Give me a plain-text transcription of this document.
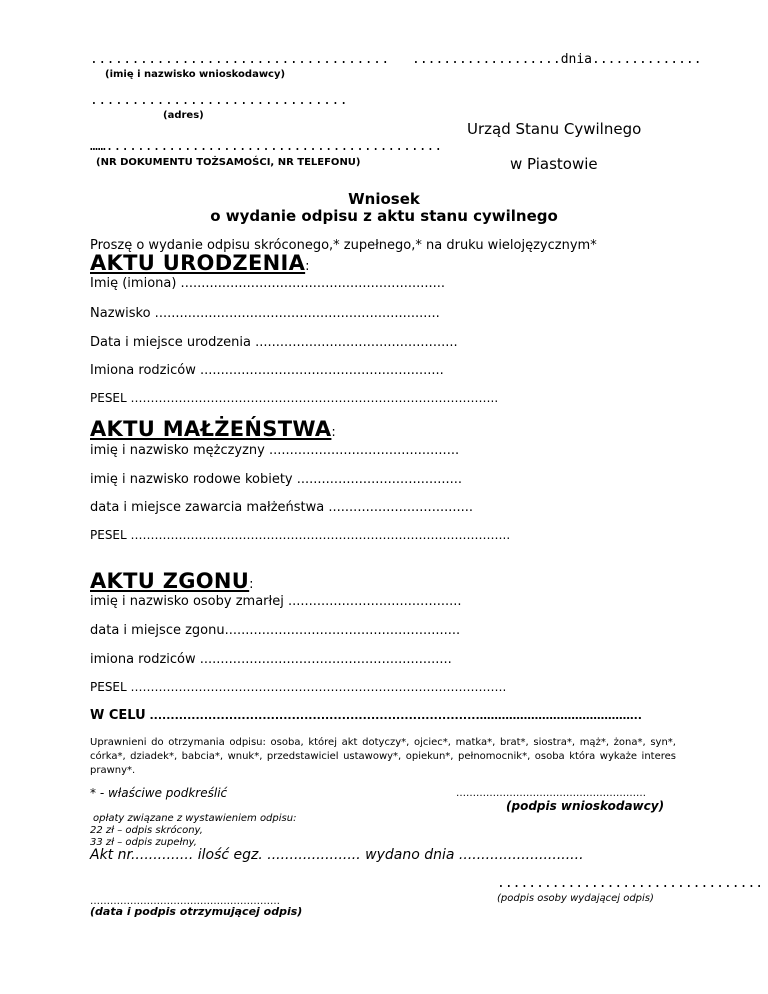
....................................
(imię i nazwisko wnioskodawcy)
...................dnia..............
...............................
(adres)
Urząd Stanu Cywilnego
……...........................................
(NR DOKUMENTU TOŻSAMOŚCI, NR TELEFONU)	w Piastowie
Wniosek
o wydanie odpisu z aktu stanu cywilnego
Proszę o wydanie odpisu skróconego,* zupełnego,* na druku wielojęzycznym*
AKTU URODZENIA:
Imię (imiona) ................................................................
Nazwisko .....................................................................
Data i miejsce urodzenia .................................................
Imiona rodziców ...........................................................
PESEL ………………………………………………………………………………..
AKTU MAŁŻEŃSTWA:
imię i nazwisko mężczyzny ..............................................
imię i nazwisko rodowe kobiety ........................................
data i miejsce zawarcia małżeństwa ...................................
PESEL …………………………………………………………………………………..
AKTU ZGONU:
imię i nazwisko osoby zmarłej ..........................................
data i miejsce zgonu.........................................................
imiona rodziców .............................................................
PESEL ………………………………………………………………………………….
W CELU ...............................................................................……………………………………..
Uprawnieni do otrzymania odpisu: osoba, której akt dotyczy*, ojciec*, matka*, brat*, siostra*, mąż*, żona*, syn*, córka*, dziadek*, babcia*, wnuk*, przedstawiciel ustawowy*, opiekun*, pełnomocnik*, osoba która wykaże interes prawny*.
* - właściwe podkreślić	…………………………………………………
(podpis wnioskodawcy)
opłaty związane z wystawieniem odpisu:
22 zł – odpis skrócony,
33 zł – odpis zupełny,
Akt nr.............. ilość egz. ..................... wydano dnia ............................
..................................
(podpis osoby wydającej odpis)
…………………………………………………
(data i podpis otrzymującej odpis)
